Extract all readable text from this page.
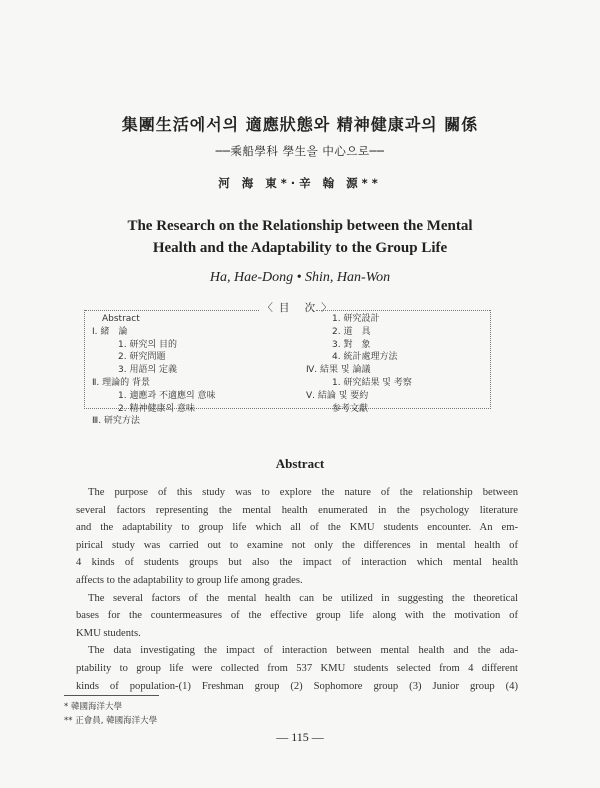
集團生活에서의 適應狀態와 精神健康과의 關係
──乘船學科 學生을 中心으로──
河 海 東*·辛 翰 源**
The Research on the Relationship between the Mental
Health and the Adaptability to the Group Life
Ha, Hae-Dong • Shin, Han-Won
〈目 次〉
Abstract
Ⅰ. 緒　論
1. 研究의 目的
2. 研究問題
3. 用語의 定義
Ⅱ. 理論的 背景
1. 適應과 不適應의 意味
2. 精神健康의 意味
Ⅲ. 研究方法
1. 研究設計
2. 道　具
3. 對　象
4. 統計處理方法
Ⅳ. 結果 및 論議
1. 研究結果 및 考察
Ⅴ. 結論 및 要約
参考文獻
Abstract
The purpose of this study was to explore the nature of the relationship between
several factors representing the mental health enumerated in the psychology literature
and the adaptability to group life which all of the KMU students encounter. An em-
pirical study was carried out to examine not only the differences in mental health of
4 kinds of students groups but also the impact of interaction which mental health
affects to the adaptability to group life among grades.
The several factors of the mental health can be utilized in suggesting the theoretical
bases for the countermeasures of the effective group life along with the motivation of
KMU students.
The data investigating the impact of interaction between mental health and the ada-
ptability to group life were collected from 537 KMU students selected from 4 different
kinds of population-(1) Freshman group (2) Sophomore group (3) Junior group (4)
* 韓國海洋大學
** 正會員, 韓國海洋大學
— 115 —
